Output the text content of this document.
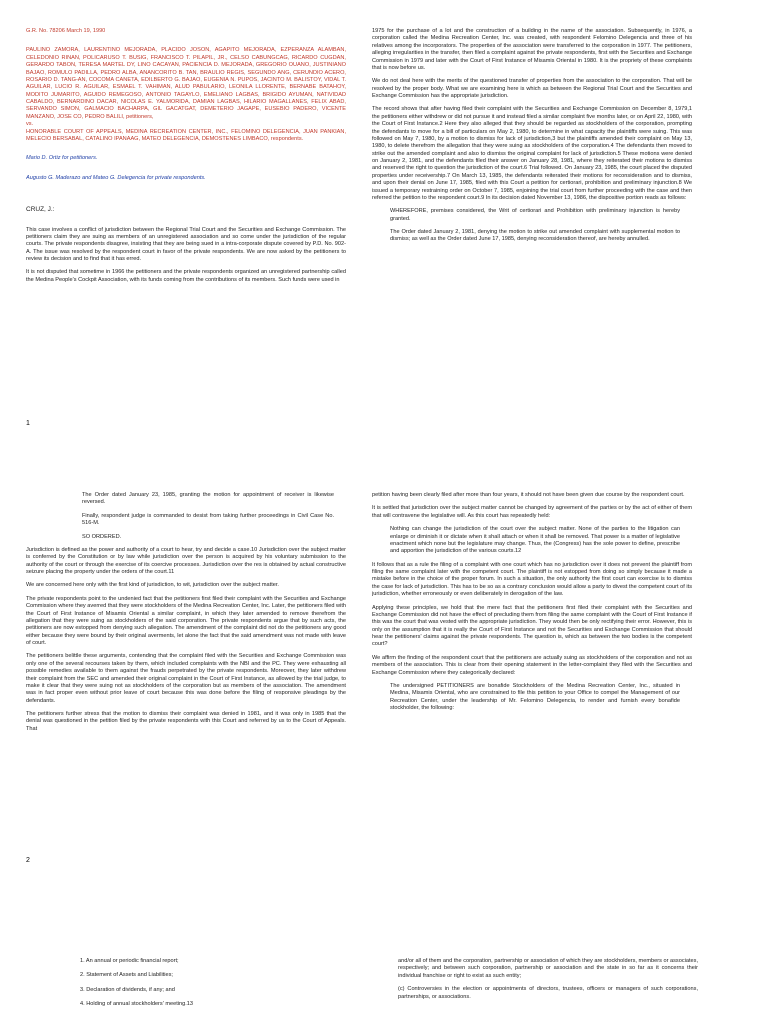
G.R. No. 78206 March 19, 1990

PAULINO ZAMORA, LAURENTINO MEJORADA, PLACIDO JOSON, AGAPITO MEJORADA, EZPERANZA ALAMBAN, CELEDONIO RINAN, POLICARUSO T. BUSIG, FRANCISCO T. PILAPIL, JR., CELSO CABUNGCAG, RICARDO CUGDAN, GERARDO TABON, TERESA MARTEL DY, LINO CACAYAN, PACIENCIA D. MEJORADA, GREGORIO OUANO, JUSTINIANO BAJAO, ROMULO PADILLA, PEDRO ALBA, ANANCORITO B. TAN, BRAULIO REGIS, SEGUNDO ANG, CERUNDIO ACERO, ROSARIO D. TANG-AN, COCOMA CANETA, EDILBERTO G. BAJAO, EUGENIA N. PUPOS, JACINTO M. BALISTOY, VIDAL T. AGUILAR, LUCIO R. AGUILAR, ESMAEL T. VAHIMAN, ALUD PABULARIO, LEONILA LLORENTE, BERNABE BATAHOY, MODITO JUMARITO, AGUIDO REMEGOSO, ANTONIO TAGAYLO, EMELIANO LAGBAS, BRIGIDO AYUMAN, NATIVIDAD CABALDO, BERNARDINO DACAR, NICOLAS E. YALMORIDA, DAMIAN LAGBAS, HILARIO MAGALLANES, FELIX ABAD, SERVANDO SIMON, GALMACIO BACHARPA, GIL GACATGAT, DEMETERIO JAGAPE, EUSEBIO PADERO, VICENTE MANZANO, JOSE CO, PEDRO BALILI, petitioners,

vs.

HONORABLE COURT OF APPEALS, MEDINA RECREATION CENTER, INC., FELOMINO DELEGENCIA, JUAN PANKIAN, MELECIO BERSABAL, CATALINO IPANAAG, MATEO DELEGENCIA, DEMOSTENES LIMBACO, respondents.

Mario D. Ortiz for petitioners.

Augusto G. Maderazo and Mateo G. Delegencia for private respondents.

CRUZ, J.:

This case involves a conflict of jurisdiction between the Regional Trial Court and the Securities and Exchange Commission. The petitioners claim they are suing as members of an unregistered association and so come under the jurisdiction of the regular courts. The private respondents disagree, insisting that they are being sued in a intra-corporate dispute covered by P.D. No. 902-A. The issue was resolved by the respondent court in favor of the private respondents. We are now asked by the petitioners to review its decision and to find that it has erred.

It is not disputed that sometime in 1966 the petitioners and the private respondents organized an unregistered partnership called the Medina People's Cockpit Association, with its funds coming from the contributions of its members. Such funds were used in

1

1975 for the purchase of a lot and the construction of a building in the name of the association. Subsequently, in 1976, a corporation called the Medina Recreation Center, Inc. was created, with respondent Felomino Delegencia and three of his relatives among the incorporators. The properties of the association were transferred to the corporation in 1977. The petitioners, alleging irregularities in the transfer, then filed a complaint against the private respondents, first with the Securities and Exchange Commission in 1979 and later with the Court of First Instance of Misamis Oriental in 1980. It is the propriety of these complaints that is now before us.

We do not deal here with the merits of the questioned transfer of properties from the association to the corporation. That will be resolved by the proper body. What we are examining here is which as between the Regional Trial Court and the Securities and Exchange Commission has the appropriate jurisdiction.

The record shows that after having filed their complaint with the Securities and Exchange Commission on December 8, 1979,1 the petitioners either withdrew or did not pursue it and instead filed a similar complaint five months later, or on April 22, 1980, with the Court of First Instance.2 Here they also alleged that they should be regarded as stockholders of the corporation, prompting the defendants to move for a bill of particulars on May 2, 1980, to determine in what capacity the plaintiffs were suing. This was followed on May 7, 1980, by a motion to dismiss for lack of jurisdiction,3 but the plaintiffs amended their complaint on May 13, 1980, to delete therefrom the allegation that they were suing as stockholders of the corporation.4 The defendants then moved to strike out the amended complaint and also to dismiss the original complaint for lack of jurisdiction.5 These motions were denied on January 2, 1981, and the defendants filed their answer on January 28, 1981, where they reiterated their motions to dismiss and reserved the right to question the jurisdiction of the court.6 Trial followed. On January 23, 1985, the court placed the disputed properties under receivership.7 On March 13, 1985, the defendants reiterated their motions for reconsideration and to dismiss, and upon their denial on June 17, 1985, filed with this Court a petition for certiorari, prohibition and preliminary injunction.8 We issued a temporary restraining order on October 7, 1985, enjoining the trial court from further proceeding with the case and then referred the petition to the respondent court.9 In its decision dated November 13, 1986, the dispositive portion reads as follows:

WHEREFORE, premises considered, the Writ of certiorari and Prohibition with preliminary injunction is hereby granted.

The Order dated January 2, 1981, denying the motion to strike out amended complaint with supplemental motion to dismiss; as well as the Order dated June 17, 1985, denying reconsideration thereof, are hereby annulled.

The Order dated January 23, 1985, granting the motion for appointment of receiver is likewise reversed.

Finally, respondent judge is commanded to desist from taking further proceedings in Civil Case No. 516-M.

SO ORDERED.

Jurisdiction is defined as the power and authority of a court to hear, try and decide a case.10 Jurisdiction over the subject matter is conferred by the Constitution or by law while jurisdiction over the person is acquired by his voluntary submission to the authority of the court or through the exercise of its coercive processes. Jurisdiction over the res is obtained by actual constructive seizure placing the property under the orders of the court.11

We are concerned here only with the first kind of jurisdiction, to wit, jurisdiction over the subject matter.

The private respondents point to the undenied fact that the petitioners first filed their complaint with the Securities and Exchange Commission where they averred that they were stockholders of the Medina Recreation Center, Inc. Later, the petitioners filed with the Court of First Instance of Misamis Oriental a similar complaint, in which they later amended to remove therefrom the allegation that they were suing as stockholders of the said corporation. The private respondents argue that by such acts, the petitioners are now estopped from denying such allegation. The amendment of the complaint did not do the petitioners any good either because they were bound by their original averments, let alone the fact that the said amendment was not made with leave of court.

The petitioners belittle these arguments, contending that the complaint filed with the Securities and Exchange Commission was only one of the several recourses taken by them, which included complaints with the NBI and the PC. They were exhausting all possible remedies available to them against the frauds perpetrated by the private respondents. Moreover, they later withdrew their complaint from the SEC and amended their original complaint in the Court of First Instance, as allowed by the trial judge, to make it clear that they were suing not as stockholders of the corporation but as members of the association. The amendment was in fact proper even without prior leave of court because this was done before the filing of responsive pleadings by the defendants.

The petitioners further stress that the motion to dismiss their complaint was denied in 1981, and it was only in 1985 that the denial was questioned in the petition filed by the private respondents with this Court and referred by us to the Court of Appeals. That

2

petition having been clearly filed after more than four years, it should not have been given due course by the respondent court.

It is settled that jurisdiction over the subject matter cannot be changed by agreement of the parties or by the act of either of them that will contravene the legislative will. As this court has repeatedly held:

Nothing can change the jurisdiction of the court over the subject matter. None of the parties to the litigation can enlarge or diminish it or dictate when it shall attach or when it shall be removed. That power is a matter of legislative enactment which none but the legislature may change. Thus, the (Congress) has the sole power to define, prescribe and apportion the jurisdiction of the various courts.12

It follows that as a rule the filing of a complaint with one court which has no jurisdiction over it does not prevent the plaintiff from filing the same complaint later with the competent court. The plaintiff is not estopped from doing so simply because it made a mistake before in the choice of the proper forum. In such a situation, the only authority the first court can exercise is to dismiss the case for lack of jurisdiction. This has to be so as a contrary conclusion would allow a party to divest the competent court of its jurisdiction, whether erroneously or even deliberately in derogation of the law.

Applying these principles, we hold that the mere fact that the petitioners first filed their complaint with the Securities and Exchange Commission did not have the effect of precluding them from filing the same complaint with the Court of First Instance if this was the court that was vested with the appropriate jurisdiction. They would then be only rectifying their error. However, this is only on the assumption that it is really the Court of First Instance and not the Securities and Exchange Commission that should hear the petitioners' claims against the private respondents. The question is, which as between the two bodies is the competent court?

We affirm the finding of the respondent court that the petitioners are actually suing as stockholders of the corporation and not as members of the association. This is clear from their opening statement in the letter-complaint they filed with the Securities and Exchange Commission where they categorically declared:

The undersigned PETITIONERS are bonafide Stockholders of the Medina Recreation Center, Inc., situated in Medina, Misamis Oriental, who are constrained to file this petition to your Office to compel the Management of our Recreation Center, under the leadership of Mr. Felomino Delegencia, to render and furnish every bonafide stockholder, the following:

1. An annual or periodic financial report;

2. Statement of Assets and Liabilities;

3. Declaration of dividends, if any; and

4. Holding of annual stockholders' meeting.13

and/or all of them and the corporation, partnership or association of which they are stockholders, members or associates, respectively; and between such corporation, partnership or association and the state in so far as it concerns their individual franchise or right to exist as such entity;

(c) Controversies in the election or appointments of directors, trustees, officers or managers of such corporations, partnerships, or associations.
